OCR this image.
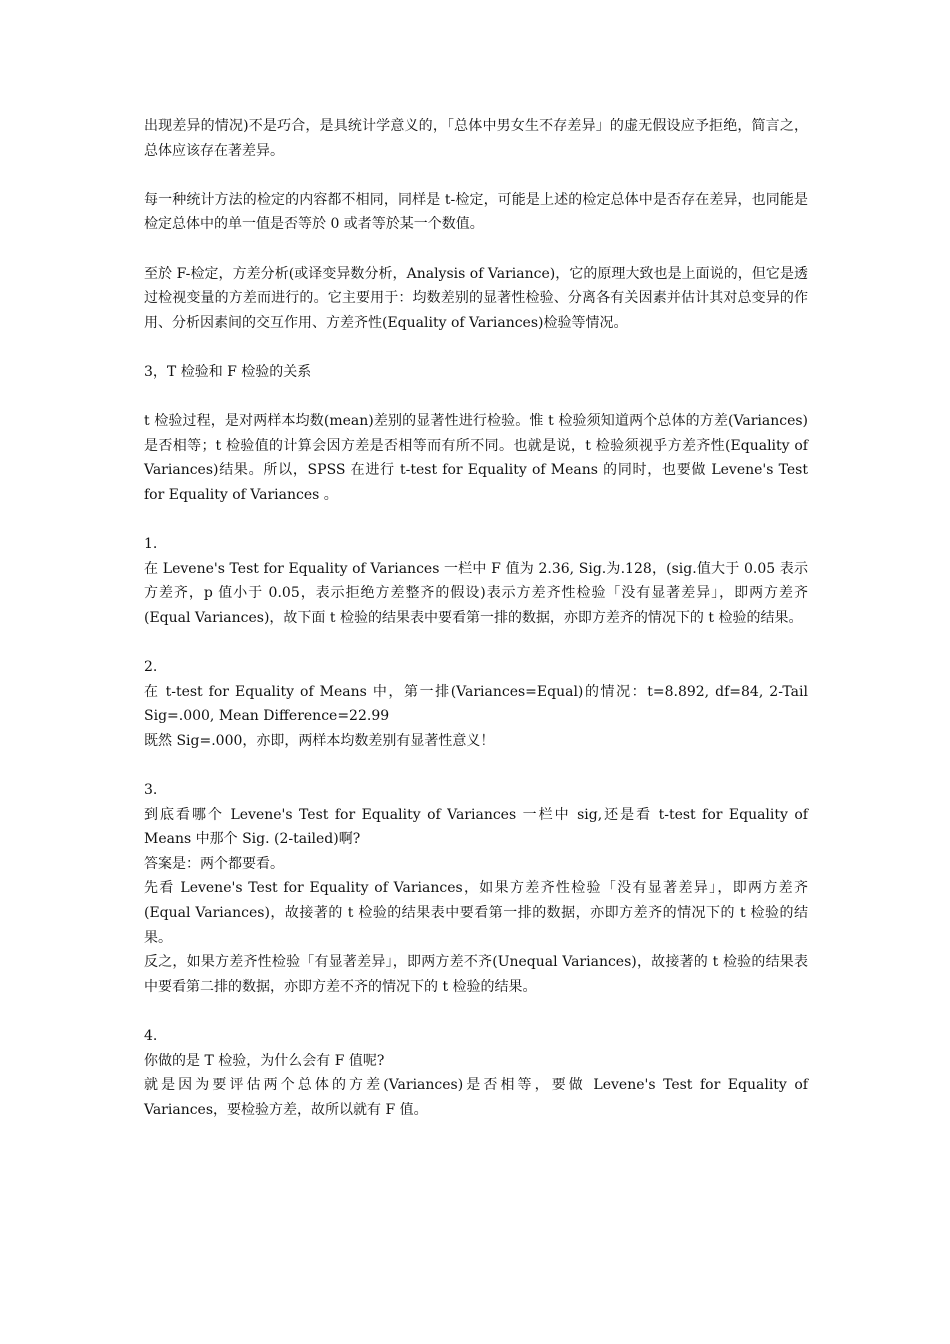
出现差异的情况)不是巧合，是具统计学意义的，「总体中男女生不存差异」的虚无假设应予拒绝，简言之，总体应该存在著差异。

每一种统计方法的检定的内容都不相同，同样是 t-检定，可能是上述的检定总体中是否存在差异，也同能是检定总体中的单一值是否等於 0 或者等於某一个数值。

至於 F-检定，方差分析(或译变异数分析，Analysis of Variance)，它的原理大致也是上面说的，但它是透过检视变量的方差而进行的。它主要用于：均数差别的显著性检验、分离各有关因素并估计其对总变异的作用、分析因素间的交互作用、方差齐性(Equality of Variances)检验等情况。

3，T 检验和 F 检验的关系

t 检验过程，是对两样本均数(mean)差别的显著性进行检验。惟 t 检验须知道两个总体的方差(Variances)是否相等；t 检验值的计算会因方差是否相等而有所不同。也就是说，t 检验须视乎方差齐性(Equality of Variances)结果。所以，SPSS 在进行 t-test for Equality of Means 的同时，也要做 Levene's Test for Equality of Variances 。

1.
在 Levene's Test for Equality of Variances 一栏中 F 值为 2.36, Sig.为.128，(sig.值大于 0.05 表示方差齐，p 值小于 0.05，表示拒绝方差整齐的假设)表示方差齐性检验「没有显著差异」，即两方差齐(Equal Variances)，故下面 t 检验的结果表中要看第一排的数据，亦即方差齐的情况下的 t 检验的结果。
2.
在 t-test for Equality of Means 中，第一排(Variances=Equal)的情况：t=8.892, df=84, 2-Tail Sig=.000, Mean Difference=22.99
既然 Sig=.000，亦即，两样本均数差别有显著性意义！
3.
到底看哪个 Levene's Test for Equality of Variances 一栏中 sig,还是看 t-test for Equality of Means 中那个 Sig. (2-tailed)啊?
答案是：两个都要看。
先看 Levene's Test for Equality of Variances，如果方差齐性检验「没有显著差异」，即两方差齐(Equal Variances)，故接著的 t 检验的结果表中要看第一排的数据，亦即方差齐的情况下的 t 检验的结果。
反之，如果方差齐性检验「有显著差异」，即两方差不齐(Unequal Variances)，故接著的 t 检验的结果表中要看第二排的数据，亦即方差不齐的情况下的 t 检验的结果。
4.
你做的是 T 检验，为什么会有 F 值呢?
就是因为要评估两个总体的方差(Variances)是否相等，要做 Levene's Test for Equality of Variances，要检验方差，故所以就有 F 值。
